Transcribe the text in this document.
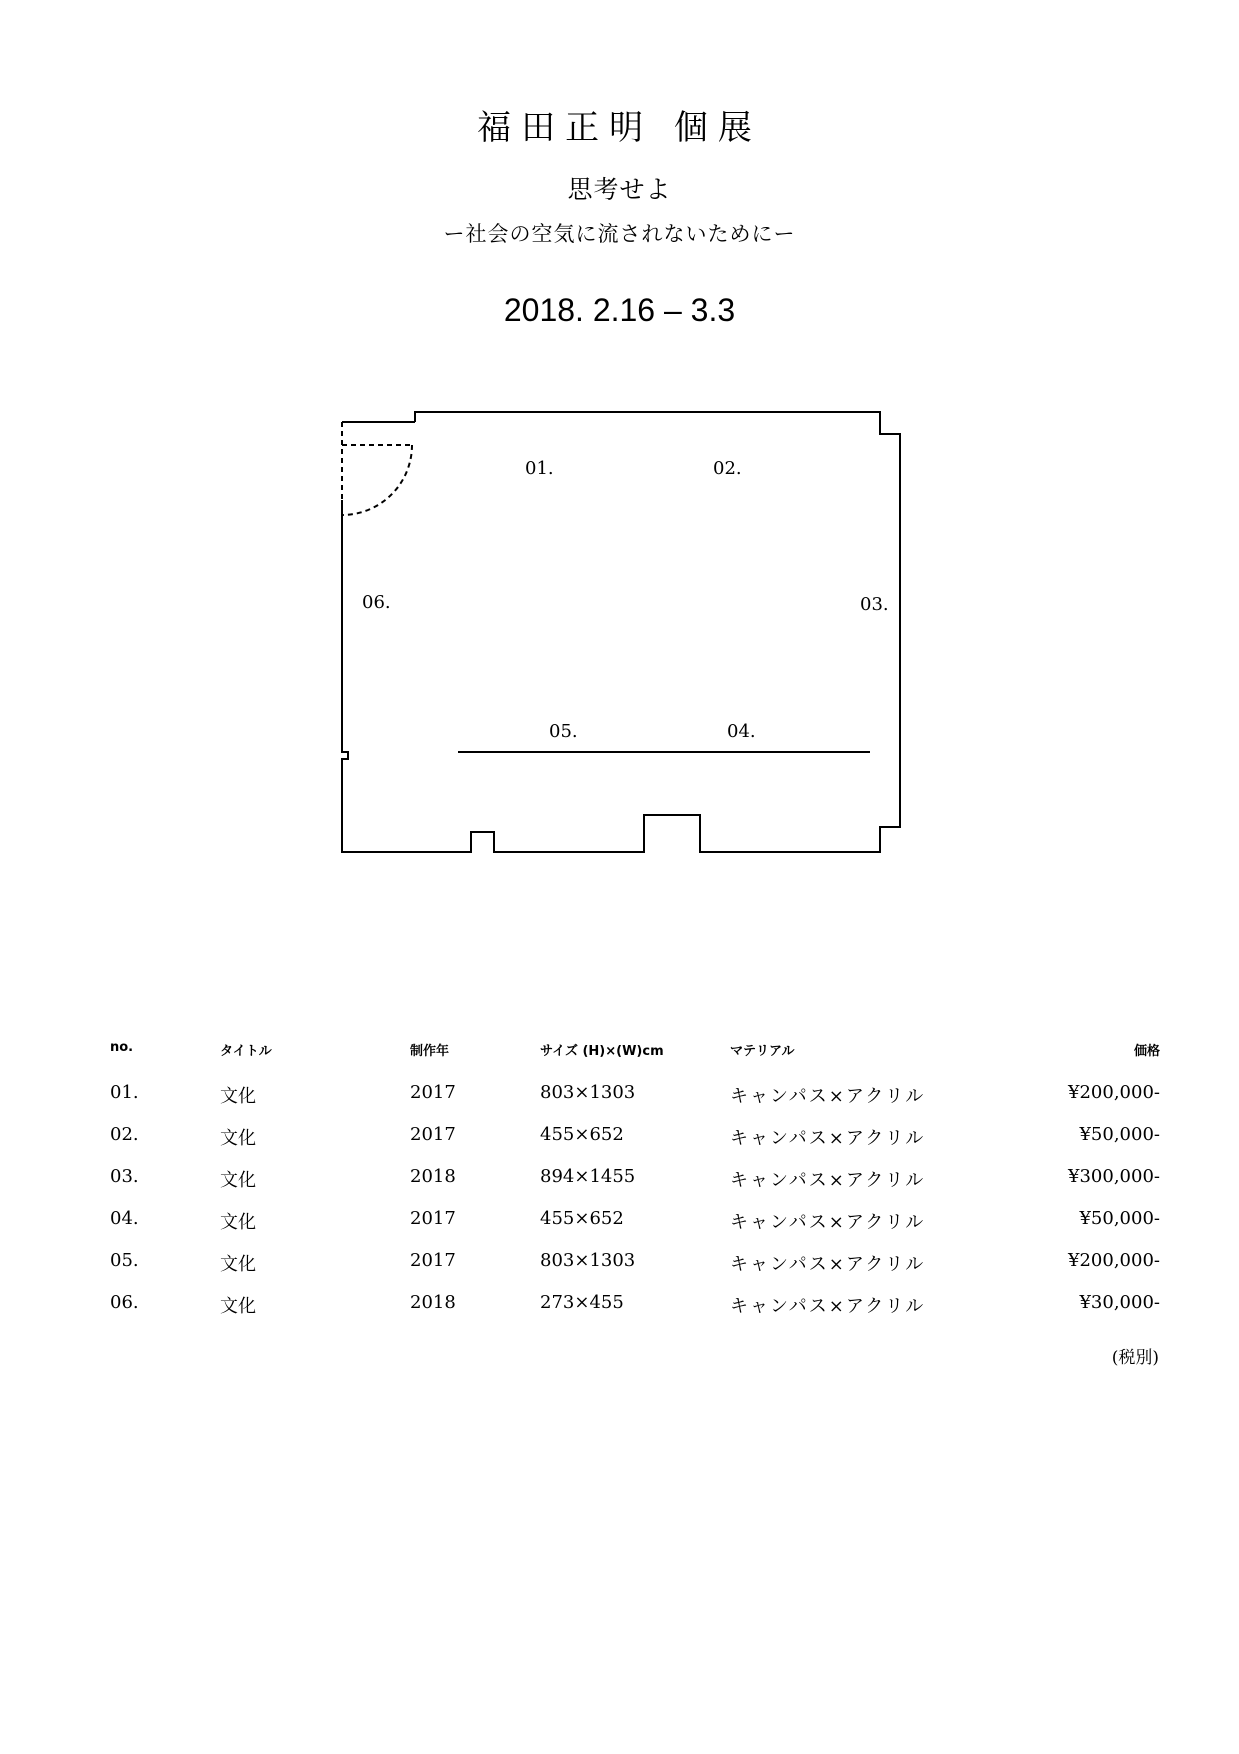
福田正明 個展
思考せよ
ー社会の空気に流されないためにー
2018. 2.16 – 3.3
01.	02.
03.
04.
05.
06.
no.	タイトル	制作年	サイズ (H)×(W)cm	マテリアル	価格
01.	文化	2017	803×1303	キャンパス×アクリル	¥200,000-
02.	文化	2017	455×652	キャンパス×アクリル	¥50,000-
03.	文化	2018	894×1455	キャンパス×アクリル	¥300,000-
04.	文化	2017	455×652	キャンパス×アクリル	¥50,000-
05.	文化	2017	803×1303	キャンパス×アクリル	¥200,000-
06.	文化	2018	273×455	キャンパス×アクリル	¥30,000-
(税別)
